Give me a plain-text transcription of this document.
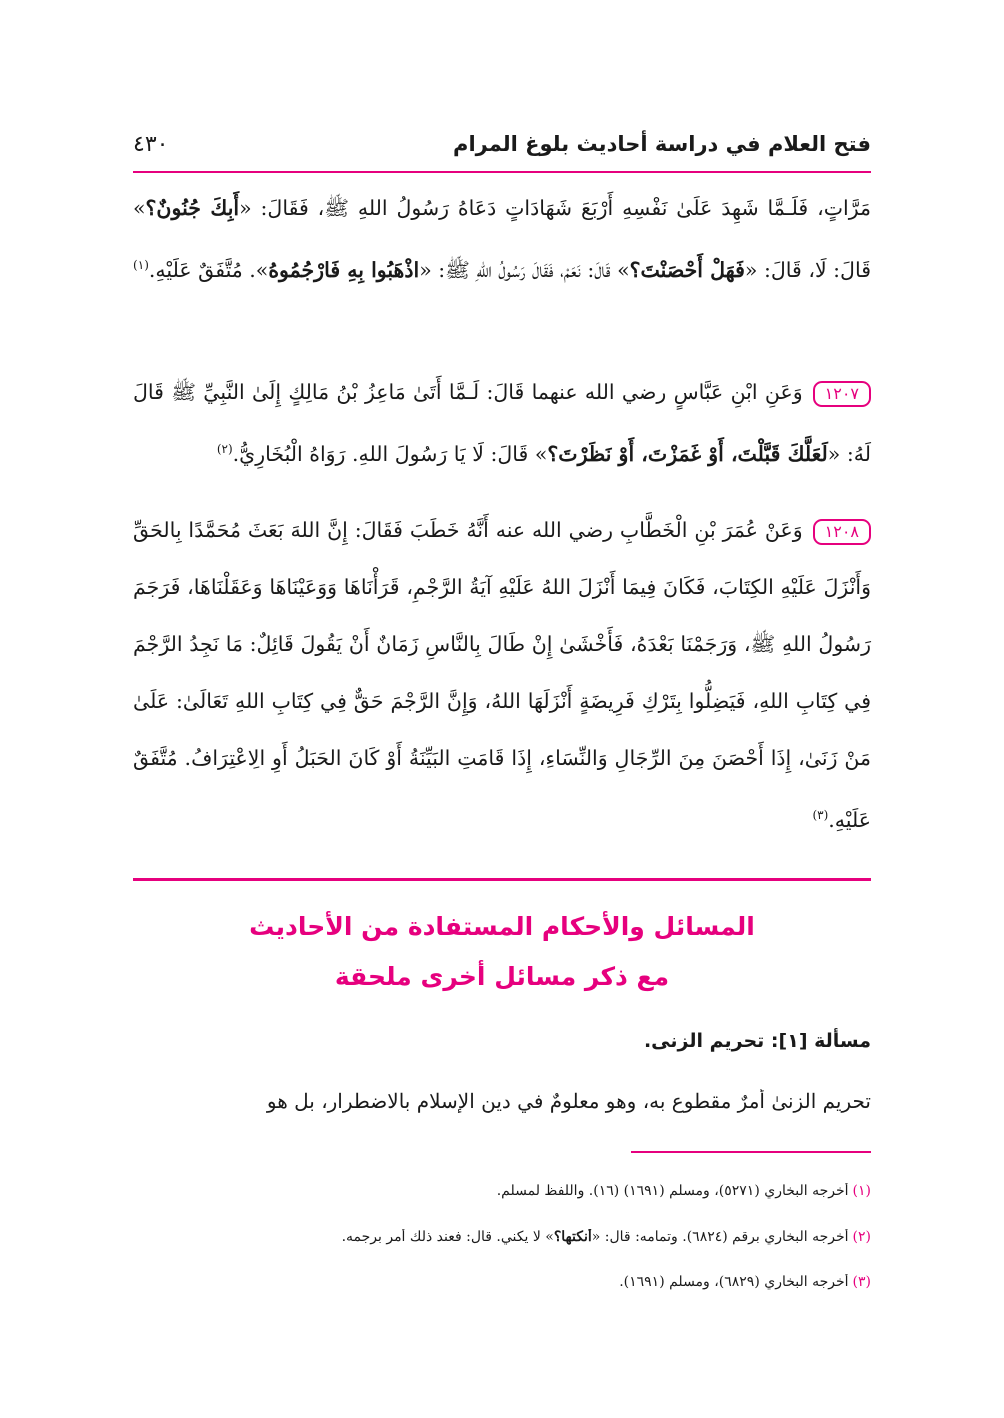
فتح العلام في دراسة أحاديث بلوغ المرام
٤٣٠
مَرَّاتٍ، فَلَـمَّا شَهِدَ عَلَىٰ نَفْسِهِ أَرْبَعَ شَهَادَاتٍ دَعَاهُ رَسُولُ اللهِ ﷺ، فَقَالَ: «أَبِكَ جُنُونٌ؟» قَالَ: لَا، قَالَ: «فَهَلْ أَحْصَنْتَ؟» قَالَ: نَعَمْ، فَقَالَ رَسُولُ اللهِ ﷺ: «اذْهَبُوا بِهِ فَارْجُمُوهُ». مُتَّفَقٌ عَلَيْهِ.$^{(١)}$
١٢٠٧وَعَنِ ابْنِ عَبَّاسٍ رضي الله عنهما قَالَ: لَـمَّا أَتَىٰ مَاعِزُ بْنُ مَالِكٍ إِلَىٰ النَّبِيِّ ﷺ قَالَ لَهُ: «لَعَلَّكَ قَبَّلْتَ، أَوْ غَمَزْتَ، أَوْ نَظَرْتَ؟» قَالَ: لَا يَا رَسُولَ اللهِ. رَوَاهُ الْبُخَارِيُّ.$^{(٢)}$
١٢٠٨وَعَنْ عُمَرَ بْنِ الْخَطَّابِ رضي الله عنه أَنَّهُ خَطَبَ فَقَالَ: إِنَّ اللهَ بَعَثَ مُحَمَّدًا بِالحَقِّ وَأَنْزَلَ عَلَيْهِ الكِتَابَ، فَكَانَ فِيمَا أَنْزَلَ اللهُ عَلَيْهِ آيَةُ الرَّجْمِ، قَرَأْنَاهَا وَوَعَيْنَاهَا وَعَقَلْنَاهَا، فَرَجَمَ رَسُولُ اللهِ ﷺ، وَرَجَمْنَا بَعْدَهُ، فَأَخْشَىٰ إِنْ طَالَ بِالنَّاسِ زَمَانٌ أَنْ يَقُولَ قَائِلٌ: مَا نَجِدُ الرَّجْمَ فِي كِتَابِ اللهِ، فَيَضِلُّوا بِتَرْكِ فَرِيضَةٍ أَنْزَلَهَا اللهُ، وَإِنَّ الرَّجْمَ حَقٌّ فِي كِتَابِ اللهِ تَعَالَىٰ: عَلَىٰ مَنْ زَنَىٰ، إِذَا أَحْصَنَ مِنَ الرِّجَالِ وَالنِّسَاءِ، إِذَا قَامَتِ البَيِّنَةُ أَوْ كَانَ الحَبَلُ أَوِ الِاعْتِرَافُ. مُتَّفَقٌ عَلَيْهِ.$^{(٣)}$
المسائل والأحكام المستفادة من الأحاديث
مع ذكر مسائل أخرى ملحقة
مسألة [١]: تحريم الزنى.
تحريم الزنىٰ أمرٌ مقطوع به، وهو معلومٌ في دين الإسلام بالاضطرار، بل هو
(١)أخرجه البخاري (٥٢٧١)، ومسلم (١٦٩١) (١٦). واللفظ لمسلم.
(٢)أخرجه البخاري برقم (٦٨٢٤). وتمامه: قال: «أنكتها؟» لا يكني. قال: فعند ذلك أمر برجمه.
(٣)أخرجه البخاري (٦٨٢٩)، ومسلم (١٦٩١).
